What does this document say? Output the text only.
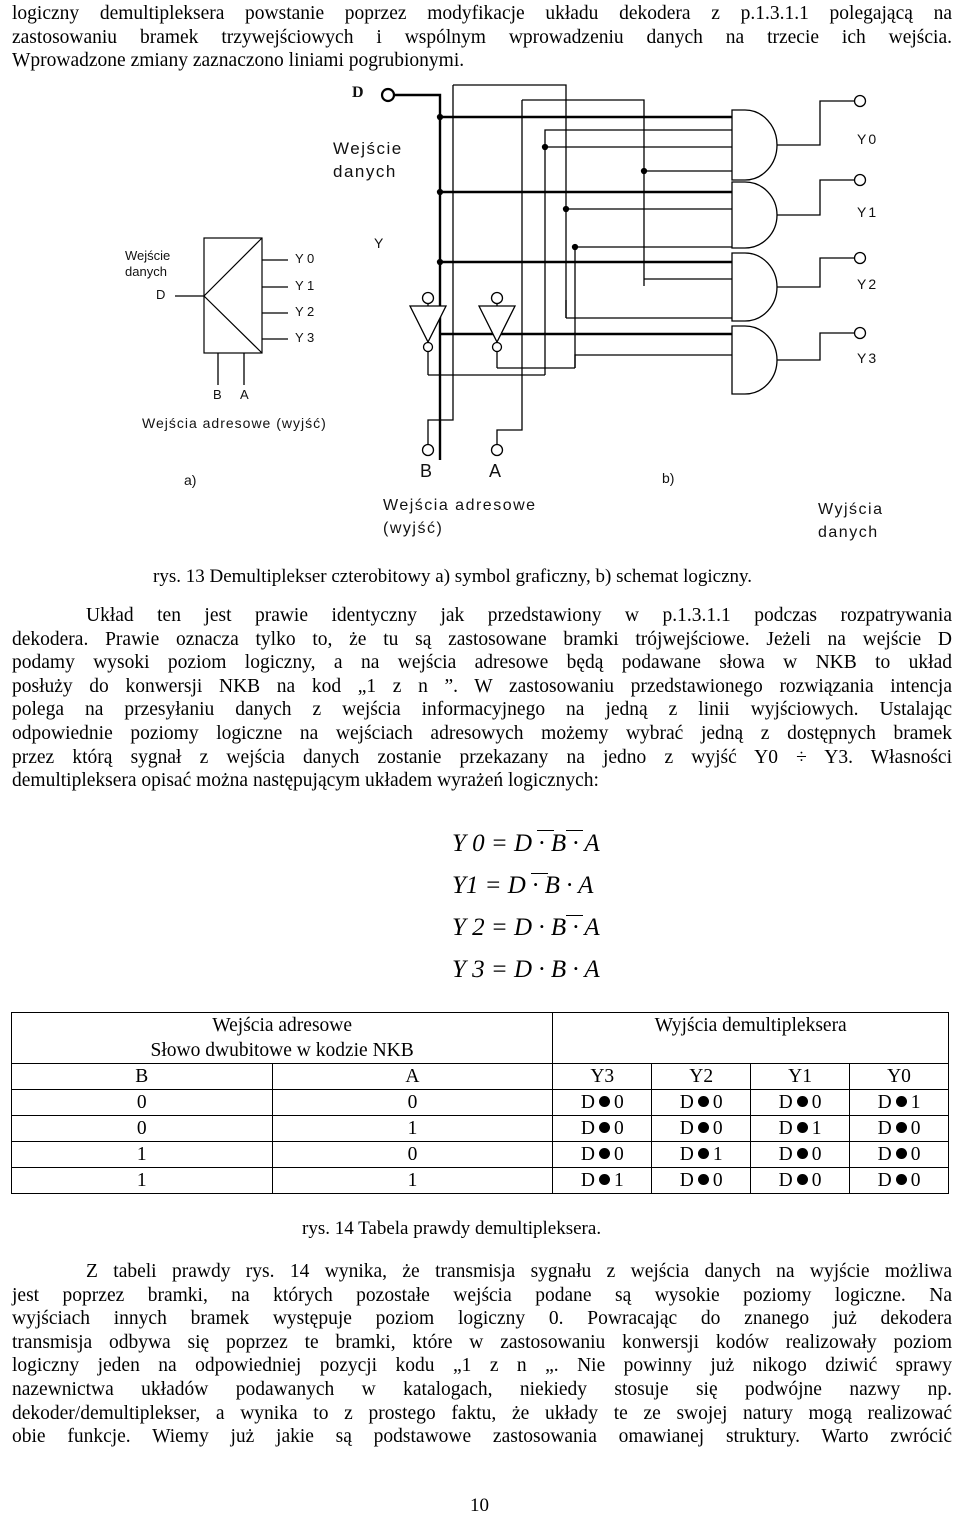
logiczny demultipleksera powstanie poprzez modyfikacje układu dekodera z p.1.3.1.1 polegającą na
zastosowaniu bramek trzywejściowych i wspólnym wprowadzeniu danych na trzecie ich wejścia.
Wprowadzone zmiany zaznaczono liniami pogrubionymi.
Wejście
danych
D
Y 0
Y 1
Y 2
Y 3
B A
Wejścia adresowe (wyjść)
a)
D
Wejście
danych
Y
Y0
Y1
Y2
Y3
B	A
Wejścia adresowe
(wyjść)
b)
Wyjścia
danych
rys. 13 Demultiplekser czterobitowy a) symbol graficzny, b) schemat logiczny.
Układ ten jest prawie identyczny jak przedstawiony w p.1.3.1.1 podczas rozpatrywania
dekodera. Prawie oznacza tylko to, że tu są zastosowane bramki trójwejściowe. Jeżeli na wejście D
podamy wysoki poziom logiczny, a na wejścia adresowe będą podawane słowa w NKB to układ
posłuży do konwersji NKB na kod „1 z n ”. W zastosowaniu przedstawionego rozwiązania intencja
polega na przesyłaniu danych z wejścia informacyjnego na jedną z linii wyjściowych. Ustalając
odpowiednie poziomy logiczne na wejściach adresowych możemy wybrać jedną z dostępnych bramek
przez którą sygnał z wejścia danych zostanie przekazany na jedno z wyjść Y0 ÷ Y3. Własności
demultipleksera opisać można następującym układem wyrażeń logicznych:
Y 0 = D · B · A
Y1 = D · B · A
Y 2 = D · B · A
Y 3 = D · B · A
Wejścia adresowe		Wyjścia demultipleksera			
Słowo dwubitowe w kodzie NKB					
B	A	Y3	Y2	Y1	Y0
0	0	D 0	D 0	D 0	D 1
0	1	D 0	D 0	D 1	D 0
1	0	D 0	D 1	D 0	D 0
1	1	D 1	D 0	D 0	D 0
rys. 14 Tabela prawdy demultipleksera.
Z tabeli prawdy rys. 14 wynika, że transmisja sygnału z wejścia danych na wyjście możliwa
jest poprzez bramki, na których pozostałe wejścia podane są wysokie poziomy logiczne. Na
wyjściach innych bramek występuje poziom logiczny 0. Powracając do znanego już dekodera
transmisja odbywa się poprzez te bramki, które w zastosowaniu konwersji kodów realizowały poziom
logiczny jeden na odpowiedniej pozycji kodu „1 z n „. Nie powinny już nikogo dziwić sprawy
nazewnictwa układów podawanych w katalogach, niekiedy stosuje się podwójne nazwy np.
dekoder/demultiplekser, a wynika to z prostego faktu, że układy te ze swojej natury mogą realizować
obie funkcje. Wiemy już jakie są podstawowe zastosowania omawianej struktury. Warto zwrócić
10
